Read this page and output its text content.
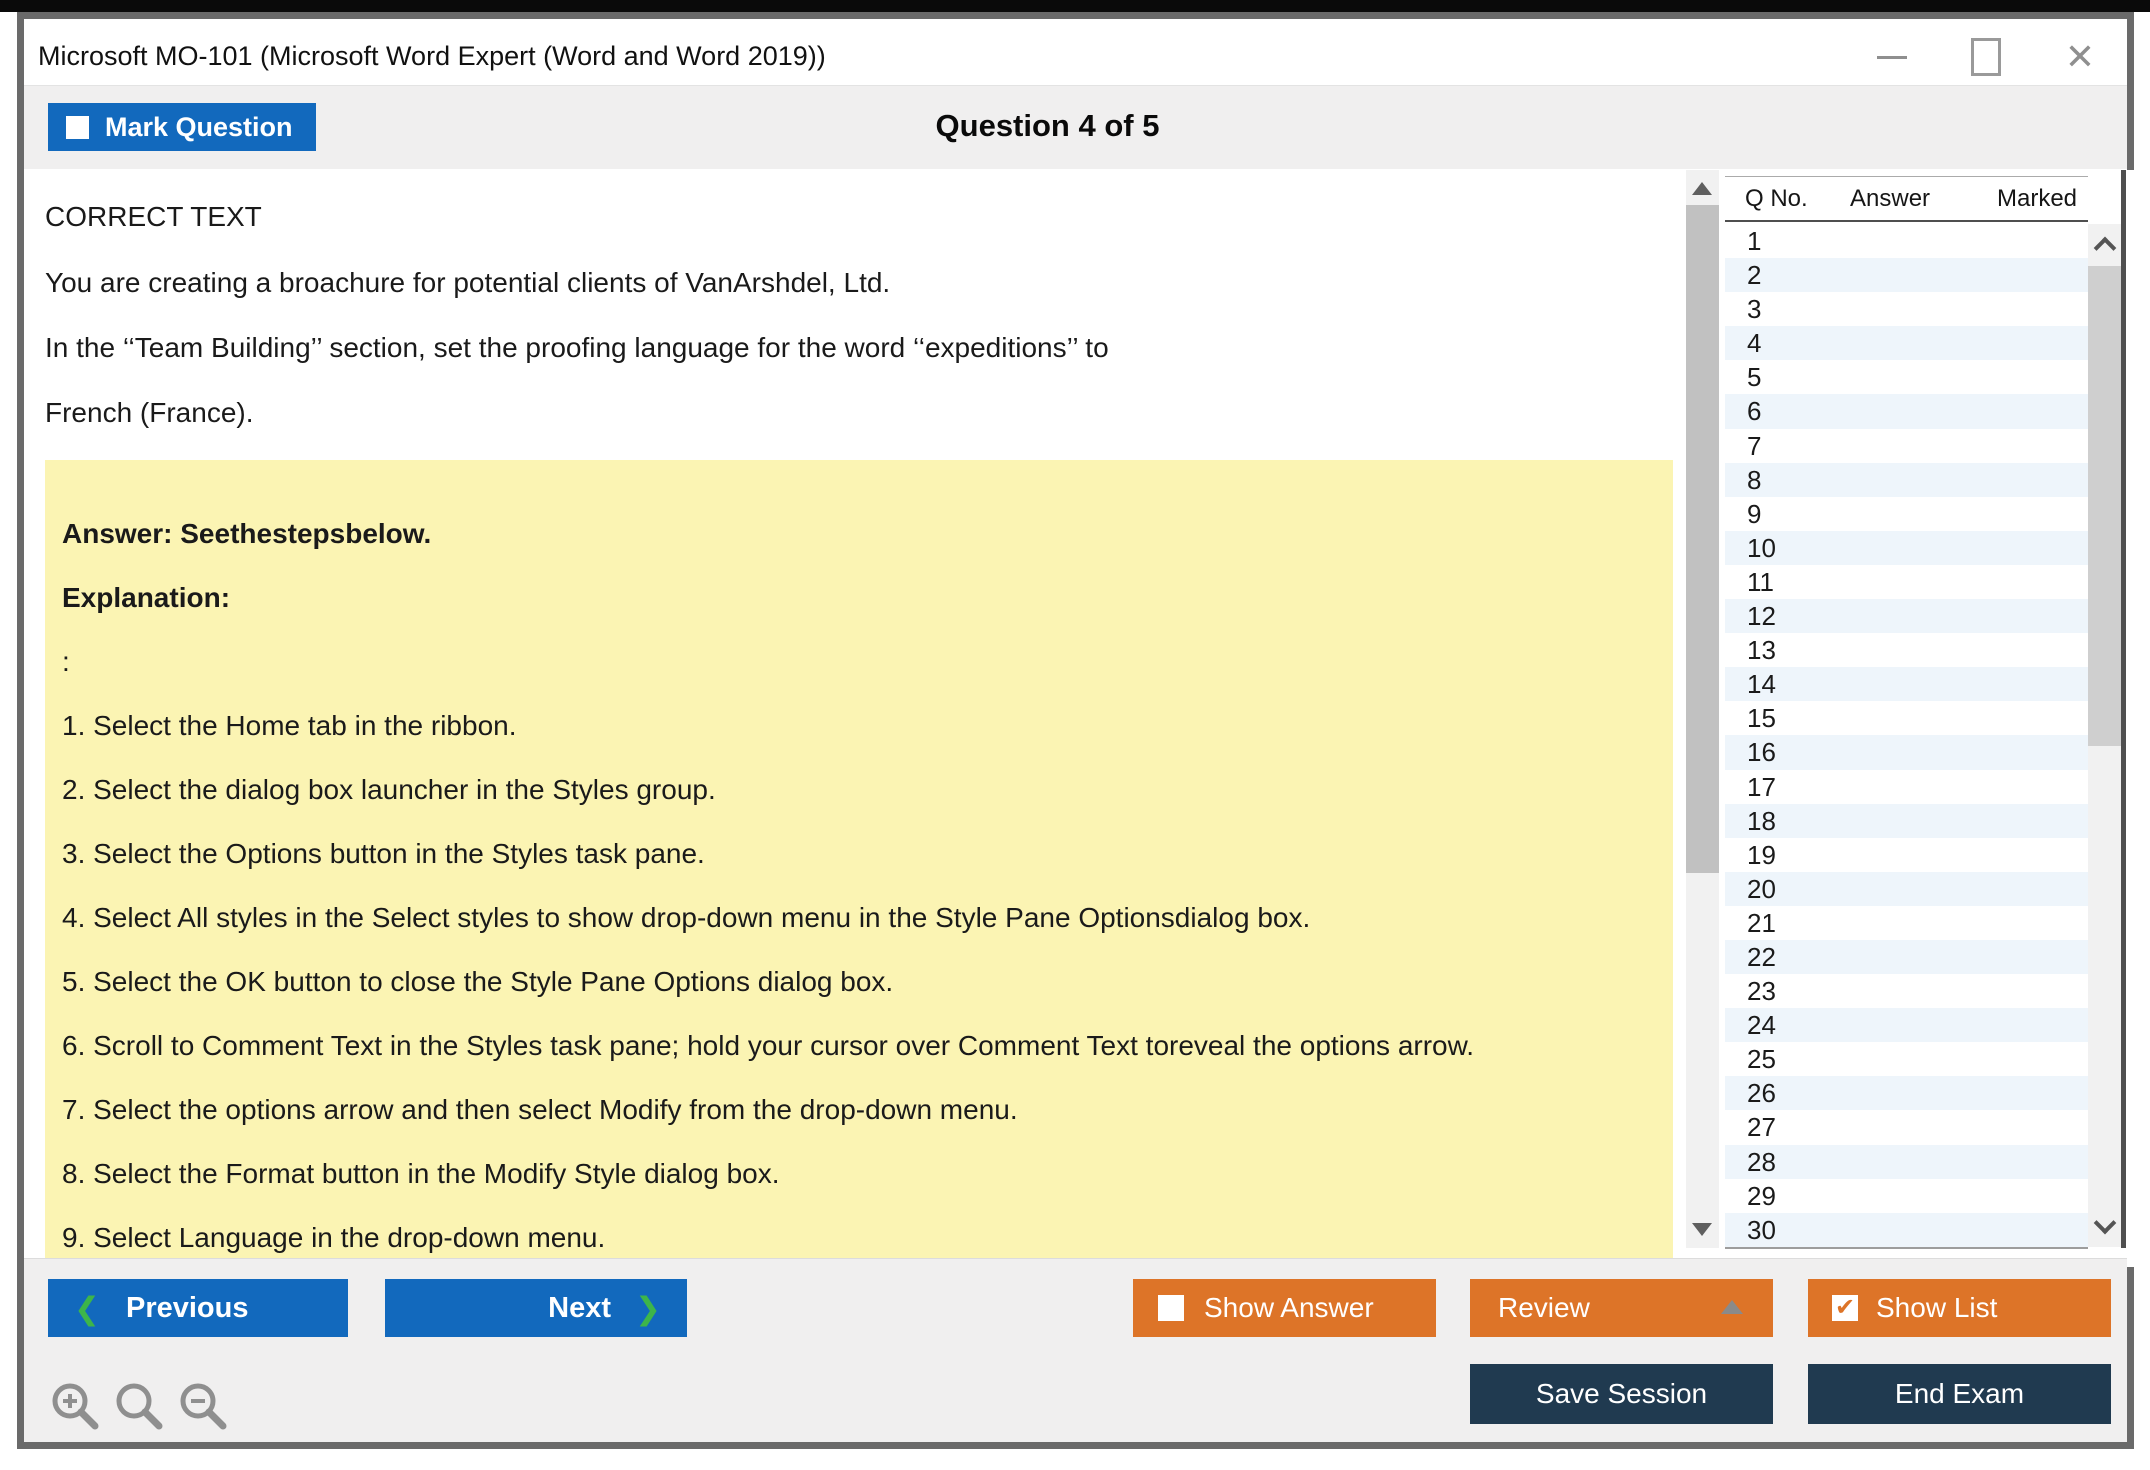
Microsoft MO-101 (Microsoft Word Expert (Word and Word 2019))	✕
Mark Question	Question 4 of 5
CORRECT TEXT
You are creating a broachure for potential clients of VanArshdel, Ltd.
In the ‘‘Team Building’’ section, set the proofing language for the word ‘‘expeditions’’ to
French (France).
Answer: Seethestepsbelow.
Explanation:
:
1. Select the Home tab in the ribbon.
2. Select the dialog box launcher in the Styles group.
3. Select the Options button in the Styles task pane.
4. Select All styles in the Select styles to show drop-down menu in the Style Pane Optionsdialog box.
5. Select the OK button to close the Style Pane Options dialog box.
6. Scroll to Comment Text in the Styles task pane; hold your cursor over Comment Text toreveal the options arrow.
7. Select the options arrow and then select Modify from the drop-down menu.
8. Select the Format button in the Modify Style dialog box.
9. Select Language in the drop-down menu.
Q No. Answer	Marked
1
2
3
4
5
6
7
8
9
10
11
12
13
14
15
16
17
18
19
20
21
22
23
24
25
26
27
28
29
30
❮ Previous	Next ❯	Show Answer	Review	✔ Show List
Save Session	End Exam
